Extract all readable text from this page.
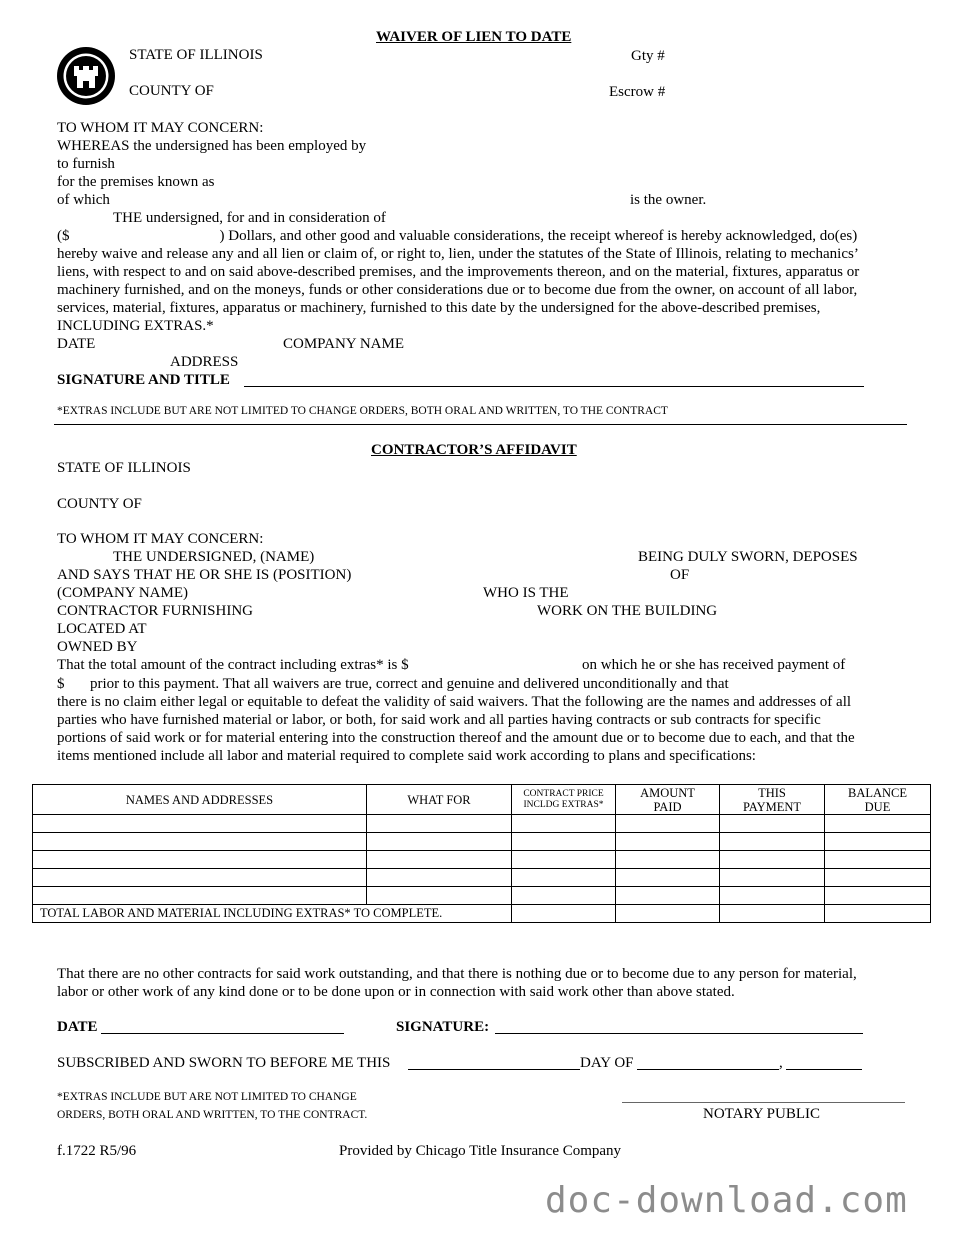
WAIVER OF LIEN TO DATE
STATE OF ILLINOIS	Gty #
COUNTY OF	Escrow #
TO WHOM IT MAY CONCERN:
WHEREAS the undersigned has been employed by
to furnish
for the premises known as
of which	is the owner.
THE undersigned, for and in consideration of
($                                        ) Dollars, and other good and valuable considerations, the receipt whereof is hereby acknowledged, do(es)
hereby waive and release any and all lien or claim of, or right to, lien, under the statutes of the State of Illinois, relating to mechanics’
liens, with respect to and on said above-described premises, and the improvements thereon, and on the material, fixtures, apparatus or
machinery furnished, and on the moneys, funds or other considerations due or to become due from the owner, on account of all labor,
services, material, fixtures, apparatus or machinery, furnished to this date by the undersigned for the above-described premises,
INCLUDING EXTRAS.*
DATE	COMPANY NAME
ADDRESS
SIGNATURE AND TITLE
*EXTRAS INCLUDE BUT ARE NOT LIMITED TO CHANGE ORDERS, BOTH ORAL AND WRITTEN, TO THE CONTRACT
CONTRACTOR’S AFFIDAVIT
STATE OF ILLINOIS
COUNTY OF
TO WHOM IT MAY CONCERN:
THE UNDERSIGNED, (NAME)	BEING DULY SWORN, DEPOSES
AND SAYS THAT HE OR SHE IS (POSITION)	OF
(COMPANY NAME)	WHO IS THE
CONTRACTOR FURNISHING	WORK ON THE BUILDING
LOCATED AT
OWNED BY
That the total amount of the contract including extras* is $	on which he or she has received payment of
$ prior to this payment. That all waivers are true, correct and genuine and delivered unconditionally and that
there is no claim either legal or equitable to defeat the validity of said waivers. That the following are the names and addresses of all
parties who have furnished material or labor, or both, for said work and all parties having contracts or sub contracts for specific
portions of said work or for material entering into the construction thereof and the amount due or to become due to each, and that the
items mentioned include all labor and material required to complete said work according to plans and specifications:
NAMES AND ADDRESSES	WHAT FOR	CONTRACT PRICE INCLDG EXTRAS*	AMOUNT PAID	THIS PAYMENT	BALANCE DUE

TOTAL LABOR AND MATERIAL INCLUDING EXTRAS* TO COMPLETE.					
That there are no other contracts for said work outstanding, and that there is nothing due or to become due to any person for material,
labor or other work of any kind done or to be done upon or in connection with said work other than above stated.
DATE	SIGNATURE:
SUBSCRIBED AND SWORN TO BEFORE ME THIS	DAY OF	,
*EXTRAS INCLUDE BUT ARE NOT LIMITED TO CHANGE
ORDERS, BOTH ORAL AND WRITTEN, TO THE CONTRACT.	NOTARY PUBLIC
f.1722 R5/96	Provided by Chicago Title Insurance Company
doc-download.com
